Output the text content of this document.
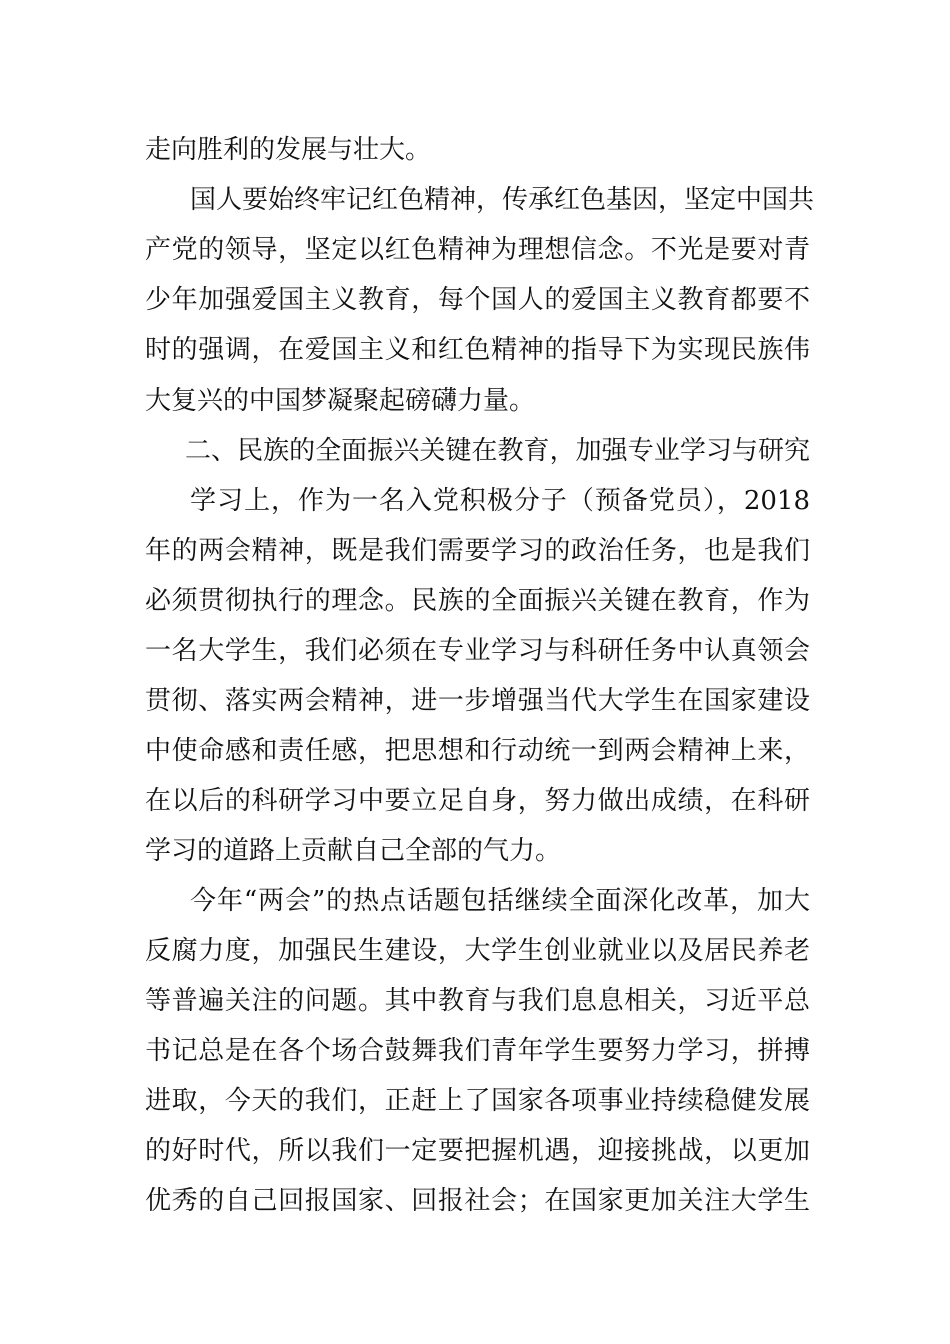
走向胜利的发展与壮大。
国人要始终牢记红色精神，传承红色基因，坚定中国共
产党的领导，坚定以红色精神为理想信念。不光是要对青
少年加强爱国主义教育，每个国人的爱国主义教育都要不
时的强调，在爱国主义和红色精神的指导下为实现民族伟
大复兴的中国梦凝聚起磅礴力量。
二、民族的全面振兴关键在教育，加强专业学习与研究
学习上，作为一名入党积极分子（预备党员），2018
年的两会精神，既是我们需要学习的政治任务，也是我们
必须贯彻执行的理念。民族的全面振兴关键在教育，作为
一名大学生，我们必须在专业学习与科研任务中认真领会
贯彻、落实两会精神，进一步增强当代大学生在国家建设
中使命感和责任感，把思想和行动统一到两会精神上来，
在以后的科研学习中要立足自身，努力做出成绩，在科研
学习的道路上贡献自己全部的气力。
今年“两会”的热点话题包括继续全面深化改革，加大
反腐力度，加强民生建设，大学生创业就业以及居民养老
等普遍关注的问题。其中教育与我们息息相关，习近平总
书记总是在各个场合鼓舞我们青年学生要努力学习，拼搏
进取，今天的我们，正赶上了国家各项事业持续稳健发展
的好时代，所以我们一定要把握机遇，迎接挑战，以更加
优秀的自己回报国家、回报社会；在国家更加关注大学生
